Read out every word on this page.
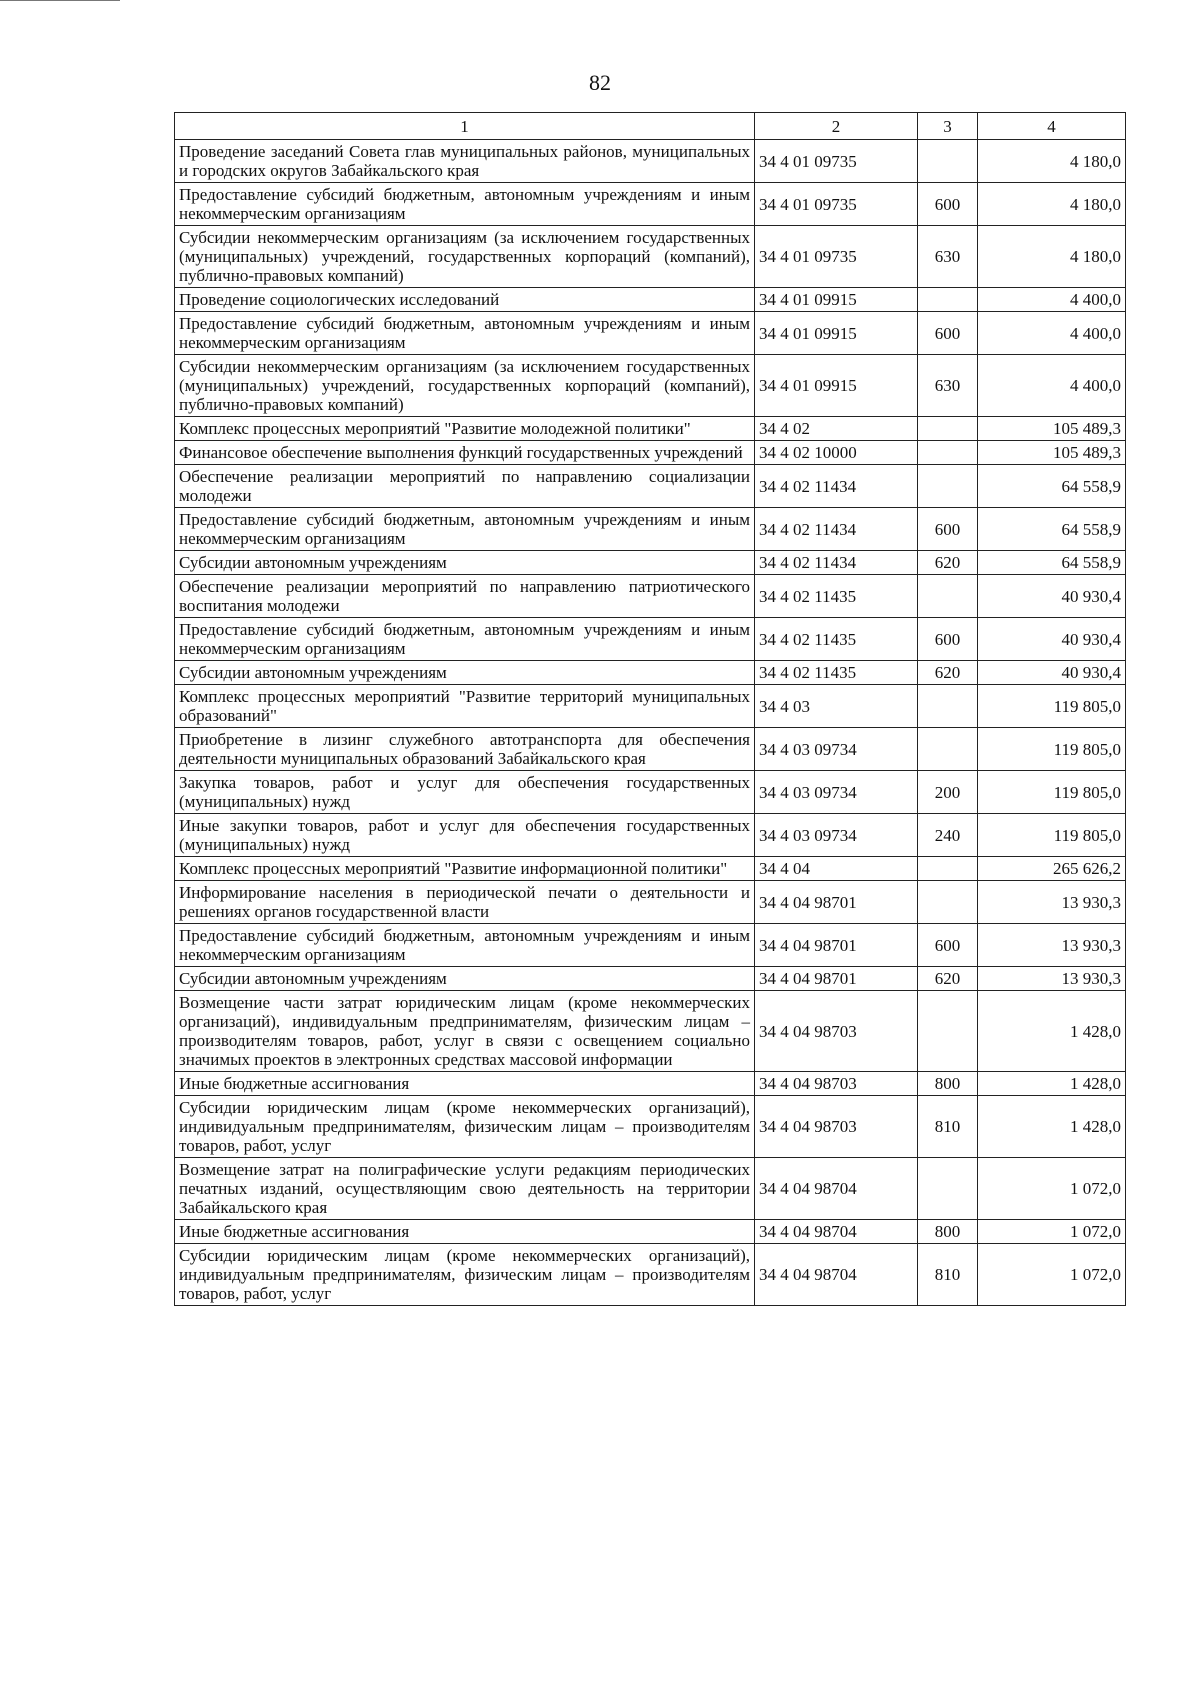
82
1	2	3	4
Проведение заседаний Совета глав муниципальных районов, муниципальных и городских округов Забайкальского края	34 4 01 09735		4 180,0
Предоставление субсидий бюджетным, автономным учреждениям и иным некоммерческим организациям	34 4 01 09735	600	4 180,0
Субсидии некоммерческим организациям (за исключением государственных (муниципальных) учреждений, государственных корпораций (компаний), публично-правовых компаний)	34 4 01 09735	630	4 180,0
Проведение социологических исследований	34 4 01 09915		4 400,0
Предоставление субсидий бюджетным, автономным учреждениям и иным некоммерческим организациям	34 4 01 09915	600	4 400,0
Субсидии некоммерческим организациям (за исключением государственных (муниципальных) учреждений, государственных корпораций (компаний), публично-правовых компаний)	34 4 01 09915	630	4 400,0
Комплекс процессных мероприятий "Развитие молодежной политики"	34 4 02		105 489,3
Финансовое обеспечение выполнения функций государственных учреждений	34 4 02 10000		105 489,3
Обеспечение реализации мероприятий по направлению социализации молодежи	34 4 02 11434		64 558,9
Предоставление субсидий бюджетным, автономным учреждениям и иным некоммерческим организациям	34 4 02 11434	600	64 558,9
Субсидии автономным учреждениям	34 4 02 11434	620	64 558,9
Обеспечение реализации мероприятий по направлению патриотического воспитания молодежи	34 4 02 11435		40 930,4
Предоставление субсидий бюджетным, автономным учреждениям и иным некоммерческим организациям	34 4 02 11435	600	40 930,4
Субсидии автономным учреждениям	34 4 02 11435	620	40 930,4
Комплекс процессных мероприятий "Развитие территорий муниципальных образований"	34 4 03		119 805,0
Приобретение в лизинг служебного автотранспорта для обеспечения деятельности муниципальных образований Забайкальского края	34 4 03 09734		119 805,0
Закупка товаров, работ и услуг для обеспечения государственных (муниципальных) нужд	34 4 03 09734	200	119 805,0
Иные закупки товаров, работ и услуг для обеспечения государственных (муниципальных) нужд	34 4 03 09734	240	119 805,0
Комплекс процессных мероприятий "Развитие информационной политики"	34 4 04		265 626,2
Информирование населения в периодической печати о деятельности и решениях органов государственной власти	34 4 04 98701		13 930,3
Предоставление субсидий бюджетным, автономным учреждениям и иным некоммерческим организациям	34 4 04 98701	600	13 930,3
Субсидии автономным учреждениям	34 4 04 98701	620	13 930,3
Возмещение части затрат юридическим лицам (кроме некоммерческих организаций), индивидуальным предпринимателям, физическим лицам – производителям товаров, работ, услуг в связи с освещением социально значимых проектов в электронных средствах массовой информации	34 4 04 98703		1 428,0
Иные бюджетные ассигнования	34 4 04 98703	800	1 428,0
Субсидии юридическим лицам (кроме некоммерческих организаций), индивидуальным предпринимателям, физическим лицам – производителям товаров, работ, услуг	34 4 04 98703	810	1 428,0
Возмещение затрат на полиграфические услуги редакциям периодических печатных изданий, осуществляющим свою деятельность на территории Забайкальского края	34 4 04 98704		1 072,0
Иные бюджетные ассигнования	34 4 04 98704	800	1 072,0
Субсидии юридическим лицам (кроме некоммерческих организаций), индивидуальным предпринимателям, физическим лицам – производителям товаров, работ, услуг	34 4 04 98704	810	1 072,0
